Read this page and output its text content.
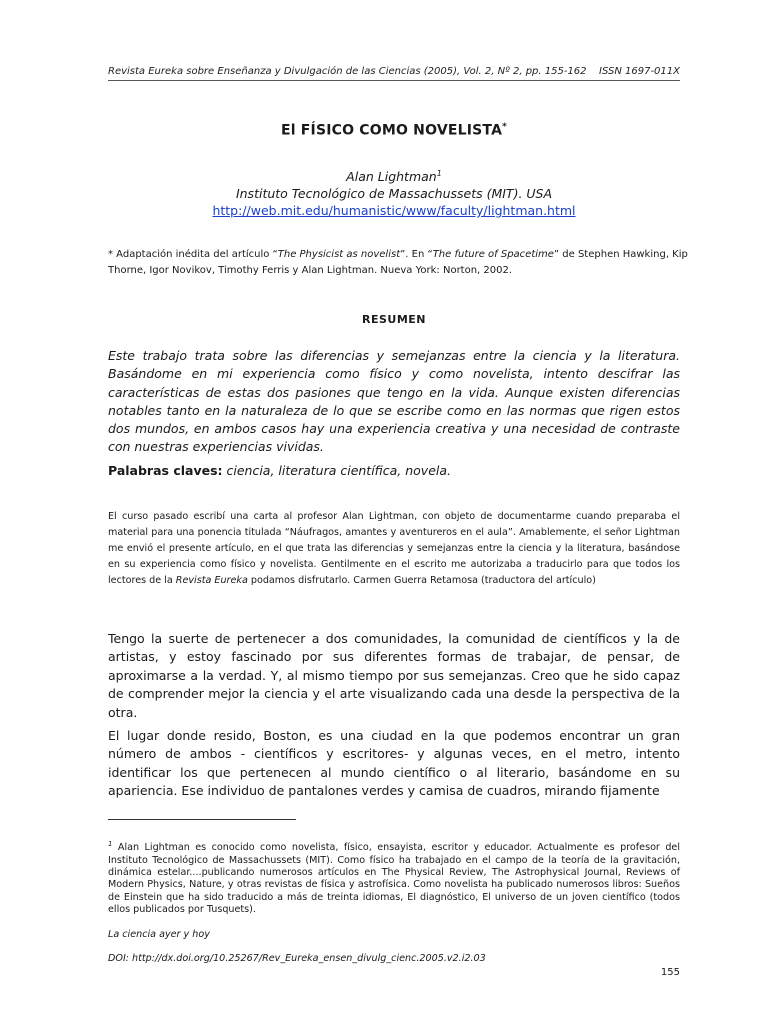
Revista Eureka sobre Enseñanza y Divulgación de las Ciencias (2005), Vol. 2, Nº 2, pp. 155-162 ISSN 1697-011X
El FÍSICO COMO NOVELISTA*
Alan Lightman$^1$
Instituto Tecnológico de Massachussets (MIT). USA
http://web.mit.edu/humanistic/www/faculty/lightman.html
* Adaptación inédita del artículo “The Physicist as novelist”. En “The future of Spacetime” de Stephen Hawking, Kip Thorne, Igor Novikov, Timothy Ferris y Alan Lightman. Nueva York: Norton, 2002.
RESUMEN
Este trabajo trata sobre las diferencias y semejanzas entre la ciencia y la literatura. Basándome en mi experiencia como físico y como novelista, intento descifrar las características de estas dos pasiones que tengo en la vida. Aunque existen diferencias notables tanto en la naturaleza de lo que se escribe como en las normas que rigen estos dos mundos, en ambos casos hay una experiencia creativa y una necesidad de contraste con nuestras experiencias vividas.
Palabras claves: ciencia, literatura científica, novela.
El curso pasado escribí una carta al profesor Alan Lightman, con objeto de documentarme cuando preparaba el material para una ponencia titulada “Náufragos, amantes y aventureros en el aula”. Amablemente, el señor Lightman me envió el presente artículo, en el que trata las diferencias y semejanzas entre la ciencia y la literatura, basándose en su experiencia como físico y novelista. Gentilmente en el escrito me autorizaba a traducirlo para que todos los lectores de la Revista Eureka podamos disfrutarlo. Carmen Guerra Retamosa (traductora del artículo)

Tengo la suerte de pertenecer a dos comunidades, la comunidad de científicos y la de artistas, y estoy fascinado por sus diferentes formas de trabajar, de pensar, de aproximarse a la verdad. Y, al mismo tiempo por sus semejanzas. Creo que he sido capaz de comprender mejor la ciencia y el arte visualizando cada una desde la perspectiva de la otra.

El lugar donde resido, Boston, es una ciudad en la que podemos encontrar un gran número de ambos - científicos y escritores- y algunas veces, en el metro, intento identificar los que pertenecen al mundo científico o al literario, basándome en su apariencia. Ese individuo de pantalones verdes y camisa de cuadros, mirando fijamente

$^1$ Alan Lightman es conocido como novelista, físico, ensayista, escritor y educador. Actualmente es profesor del Instituto Tecnológico de Massachussets (MIT). Como físico ha trabajado en el campo de la teoría de la gravitación, dinámica estelar....publicando numerosos artículos en The Physical Review, The Astrophysical Journal, Reviews of Modern Physics, Nature, y otras revistas de física y astrofísica. Como novelista ha publicado numerosos libros: Sueños de Einstein que ha sido traducido a más de treinta idiomas, El diagnóstico, El universo de un joven científico (todos ellos publicados por Tusquets).
La ciencia ayer y hoy
DOI: http://dx.doi.org/10.25267/Rev_Eureka_ensen_divulg_cienc.2005.v2.i2.03
155
